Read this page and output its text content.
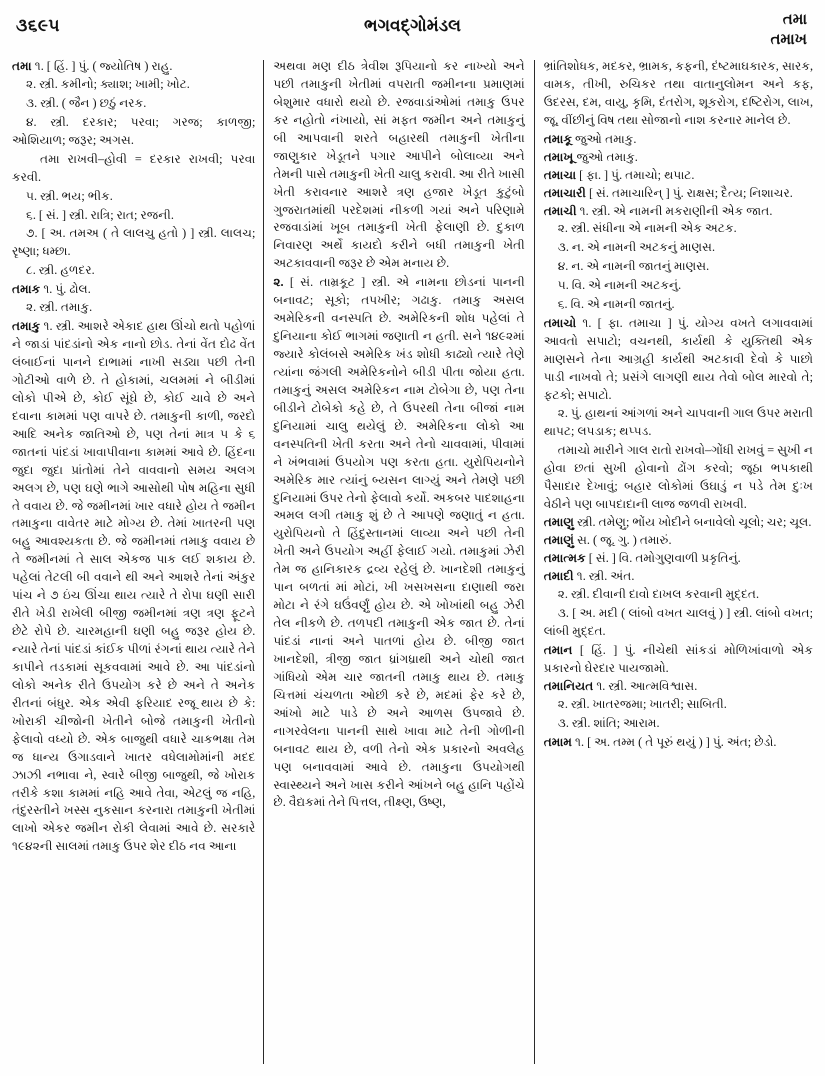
૩૬૯૫	ભગવદ્ગોમંડલ	તમા
તમાખ
તમા ૧. [ હિં. ] પું. ( જ્યોતિષ ) રાહુ.
૨. સ્ત્રી. કમીનો; ક્યાશ; ખામી; ખોટ.
૩. સ્ત્રી. ( જૈન ) છઠું નરક.
૪. સ્ત્રી. દરકાર; પરવા; ગરજ; કાળજી; ઓશિયાળ; જરૂર; અગસ.
તમા રાખવી–હોવી = દરકાર રાખવી; પરવા કરવી.
૫. સ્ત્રી. ભય; ભીક.
૬. [ સં. ] સ્ત્રી. રાત્રિ; રાત; રજની.
૭. [ અ. તમઅ ( તે લાલચુ હતો ) ] સ્ત્રી. લાલચ; રૃષ્ણા; ધમ્છા.
૮. સ્ત્રી. હળદર.
તમાક ૧. પું. ઢોલ.
૨. સ્ત્રી. તમાકુ.
તમાકુ ૧. સ્ત્રી. આશરે એકાદ હાથ ઊંચો થતો પહોળાં ને જાડાં પાંદડાંનો એક નાનો છોડ. તેનાં વેંત દોઢ વેંત લંબાઈનાં પાનને દાભામાં નાખી સડ્યા પછી તેની ગોટીઓ વાળે છે. તે હોકામાં, ચલમમાં ને બીડીમાં લોકો પીએ છે, કોઈ સૂંઘે છે, કોઈ ચાવે છે અને દવાના કામમાં પણ વાપરે છે. તમાકુની કાળી, જરદો આદિ અનેક જાતિઓ છે, પણ તેનાં માત્ર ૫ કે ૬ જાતનાં પાંદડાં ખાવાપીવાના કામમાં આવે છે. હિંદના જુદા જુદા પ્રાંતોમાં તેને વાવવાનો સમય અલગ અલગ છે, પણ ઘણે ભાગે આસોથી પોષ મહિના સુધી તે વવાય છે. જે જમીનમાં ખાર વધારે હોય તે જમીન તમાકુના વાવેતર માટે મોગ્ય છે. તેમાં ખાતરની પણ બહુ આવશ્યકતા છે. જે જમીનમાં તમાકુ વવાય છે તે જમીનમાં તે સાલ એકજ પાક લઈ શકાય છે. પહેલાં તેટલી બી વવાને થી અને આશરે તેનાં અંકુર પાંચ ને ૭ ઇંચ ઊંચા થાય ત્યારે તે રોપા ઘણી સારી રીતે ખેડી રાખેલી બીજી જમીનમાં ત્રણ ત્રણ ફૂટને છેટે રોપે છે. ચારમહાની ઘણી બહુ જરૂર હોય છે. ન્યારે તેનાં પાંદડાં કાંઈક પીળાં રંગનાં થાય ત્યારે તેને કાપીને તડકામાં સૂકવવામાં આવે છે. આ પાંદડાંનો લોકો અનેક રીતે ઉપયોગ કરે છે અને તે અનેક રીતનાં બંધુર. એક એવી ફરિયાદ રજૂ થાય છે કે: ખોરાકી ચીજોની ખેતીને બોજે તમાકુની ખેતીનો ફેલાવો વધ્યો છે. એક બાજુથી વધારે ચાકભક્ષા તેમ જ ધાન્ય ઉગાડવાને ખાતર વધેલામોમાંની મદદ ઝાઝી નભાવા ને, સ્વારે બીજી બાજુથી, જે ખોરાક તરીકે કશા કામમાં નહિ આવે તેવા, એટલું જ નહિ, તંદુરસ્તીને ખસ્સ નુકસાન કરનારા તમાકુની ખેતીમાં લાખો એકર જમીન રોકી લેવામાં આવે છે. સરકારે ૧૯૪૨ની સાલમાં તમાકુ ઉપર શેર દીઠ નવ આના
અથવા મણ દીઠ ત્રેવીશ રૂપિયાનો કર નાખ્યો અને પછી તમાકુની ખેતીમાં વપરાતી જમીનના પ્રમાણમાં બેશુમાર વધારો થયો છે. રજવાડાંઓમાં તમાકુ ઉપર કર નહોતો નંખાયો, સાં મફત જમીન અને તમાકુનું બી આપવાની શરતે બહારથી તમાકુની ખેતીના જાણુકાર ખેડૂતને પગાર આપીને બોલાવ્યા અને તેમની પાસે તમાકુની ખેતી ચાલુ કરાવી. આ રીતે ખાસી ખેતી કરાવનાર આશરે ત્રણ હજાર ખેડૂત કુટુંબો ગુજરાતમાંથી પરદેશમાં નીકળી ગયાં અને પરિણામે રજવાડાંમાં ખૂબ તમાકુની ખેતી ફેલાણી છે. દુકાળ નિવારણ અર્થે કાયદો કરીને બધી તમાકુની ખેતી અટકાવવાની જરૂર છે એમ મનાય છે.
૨. [ સં. તામ્રકૂટ ] સ્ત્રી. એ નામના છોડનાં પાનની બનાવટ; સૂકો; તપખીર; ગઢાકુ. તમાકુ અસલ અમેરિકની વનસ્પતિ છે. અમેરિકની શોધ પહેલાં તે દુનિયાના કોઈ ભાગમાં જણાતી ન હતી. સને ૧૪૯૨માં જ્યારે કોલંબસે અમેરિક ખંડ શોધી કાઢ્યો ત્યારે તેણે ત્યાંના જંગલી અમેરિકનોને બીડી પીતા જોયા હતા. તમાકુનું અસલ અમેરિકન નામ ટોબેગા છે, પણ તેના બીડીને ટોબેકો કહે છે, તે ઉપરથી તેના બીજાં નામ દુનિયામાં ચાલુ થયેલું છે. અમેરિકના લોકો આ વનસ્પતિની ખેતી કરતા અને તેનો ચાવવામાં, પીવામાં ને ખંભવામાં ઉપયોગ પણ કરતા હતા. યુરોપિયનોને અમેરિક માર ત્યાંનું બ્યસન લાગ્યું અને તેમણે પછી દુનિયામાં ઉપર તેનો ફેલાવો કર્યો. અકબર પાદશાહના અમલ લગી તમાકુ શું છે તે આપણે જણાતું ન હતા. યુરોપિયનો તે હિંદુસ્તાનમાં લાવ્યા અને પછી તેની ખેતી અને ઉપયોગ અહીં ફેલાઈ ગયો. તમાકુમાં ઝેરી તેમ જ હાનિકારક દ્રવ્ય રહેલું છે. ખાનદેશી તમાકુનું પાન બળતાં માં મોટાં, ખી ખસખસના દાણાથી જરા મોટા ને રંગે ઘઉંવર્ણું હોય છે. એ ખોખાંથી બહુ ઝેરી તેલ નીકળે છે. તળપદી તમાકુની એક જાત છે. તેનાં પાંદડાં નાનાં અને પાતળાં હોય છે. બીજી જાત ખાનદેશી, ત્રીજી જાત ધ્રાંગધ્રાથી અને ચોથી જાત ગાંધિયો એમ ચાર જાતની તમાકુ થાય છે. તમાકુ ચિત્તમાં ચંચળતા ઓછી કરે છે, મદમાં ફેર કરે છે, આંખો માટે પાડે છે અને આળસ ઉપજાવે છે. નાગરવેલના પાનની સાથે ખાવા માટે તેની ગોળીની બનાવટ થાય છે, વળી તેનો એક પ્રકારનો અવલેહ પણ બનાવવામાં આવે છે. તમાકુના ઉપયોગથી સ્વાસ્થ્યને અને ખાસ કરીને આંખને બહુ હાનિ પહોંચે છે. વૈદ્યકમાં તેને પિત્તલ, તીક્ષ્ણ, ઉષ્ણ,
ભ્રાંતિશોધક, મદકર, ભ્રામક, કફની, દંષ્ટમાઘકારક, સારક, વામક, તીખી, રુચિકર તથા વાતાનુલોમન અને કફ, ઉદરસ, દમ, વાયુ, કૃમિ, દંતરોગ, શૂકરોગ, દષ્ટિરોગ, લાખ, જૂ, વીંછીનું વિષ તથા સોજાનો નાશ કરનાર માનેલ છે.
તમાકૂ જુઓ તમાકુ.
તમાખૂ જુઓ તમાકુ.
તમાચા [ ફા. ] પું. તમાચો; થપાટ.
તમાચારી [ સં. તમાચારિન્ ] પું. રાક્ષસ; દૈત્ય; નિશાચર.
તમાચી ૧. સ્ત્રી. એ નામની મકરાણીની એક જાત.
૨. સ્ત્રી. સંધીના એ નામની એક અટક.
૩. ન. એ નામની અટકનું માણસ.
૪. ન. એ નામની જાતનું માણસ.
૫. વિ. એ નામની અટકનું.
૬. વિ. એ નામની જાતનું.
તમાચો ૧. [ ફા. તમાચા ] પું. યોગ્ય વખતે લગાવવામાં આવતો સપાટો; વચનથી, કાર્યથી કે યુક્તિથી એક માણસને તેના આગ્રહી કાર્યથી અટકાવી દેવો કે પાછો પાડી નાખવો તે; પ્રસંગે લાગણી થાય તેવો બોલ મારવો તે; ફટકો; સપાટો.
૨. પું. હાથનાં આંગળાં અને ચાપવાની ગાલ ઉપર મરાતી થાપટ; લપડાક; થપ્પડ.
તમાચો મારીને ગાલ રાતો રાખવો–ગોંધી રાખવું = સુખી ન હોવા છતાં સુખી હોવાનો ઢોંગ કરવો; જૂઠા ભપકાથી પૈસાદાર દેખાવું; બહાર લોકોમાં ઉઘાડું ન પડે તેમ દુઃખ વેઠીને પણ બાપદાદાની લાજ જળવી રાખવી.
તમાણુ સ્ત્રી. તમેણુ; ભોંય ખોદીને બનાવેલો ચૂલો; ચર; ચૂલ.
તમાણું સ. ( જૂ. ગુ. ) તમારું.
તમાત્મક [ સં. ] વિ. તમોગુણવાળી પ્રકૃતિનું.
તમાદી ૧. સ્ત્રી. અંત.
૨. સ્ત્રી. દીવાની દાવો દાખલ કરવાની મુદ્દત.
૩. [ અ. મદી ( લાંબો વખત ચાલવું ) ] સ્ત્રી. લાંબો વખત; લાંબી મુદ્દત.
તમાન [ હિં. ] પું. નીચેથી સાંકડાં મોળિખાંવાળો એક પ્રકારનો ઘેરદાર પાયજામો.
તમાનિયત ૧. સ્ત્રી. આત્મવિશ્વાસ.
૨. સ્ત્રી. ખાતરજમા; ખાતરી; સાબિતી.
૩. સ્ત્રી. શાંતિ; આરામ.
તમામ ૧. [ અ. તમ્મ ( તે પૂરું થયું ) ] પું. અંત; છેડો.
